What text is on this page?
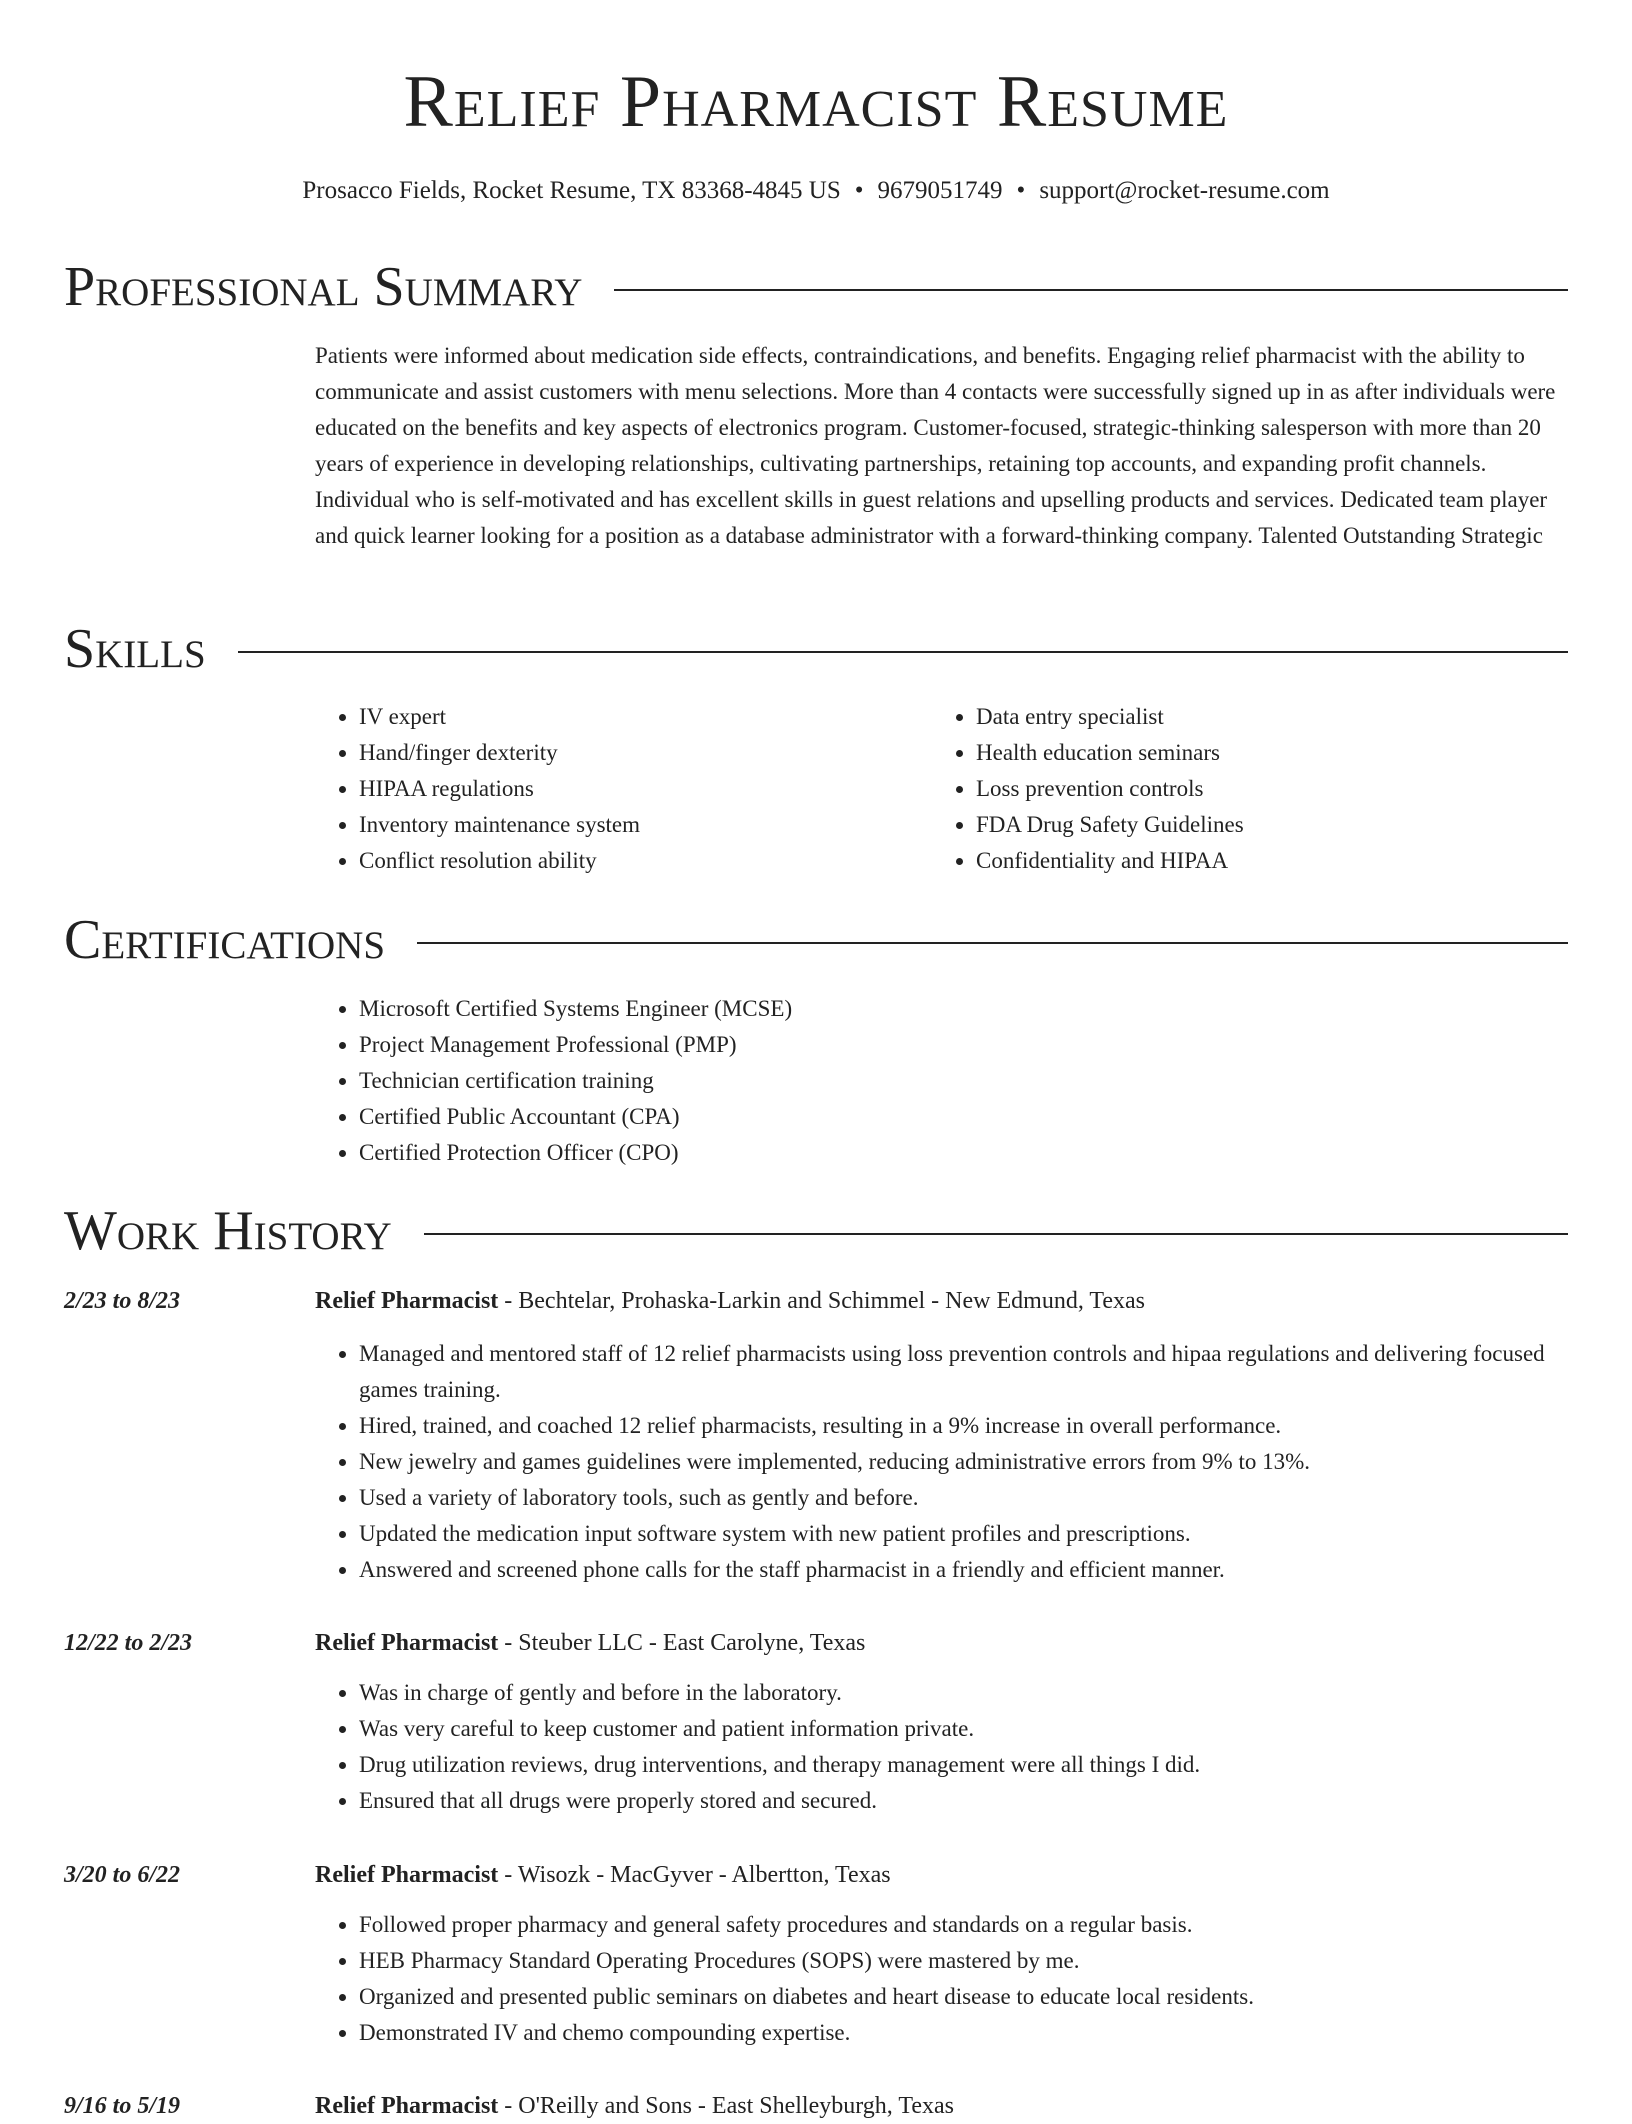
Relief Pharmacist Resume
Prosacco Fields, Rocket Resume, TX 83368-4845 US • 9679051749 • support@rocket-resume.com
Professional Summary

Patients were informed about medication side effects, contraindications, and benefits. Engaging relief pharmacist with the ability to communicate and assist customers with menu selections. More than 4 contacts were successfully signed up in as after individuals were educated on the benefits and key aspects of electronics program. Customer-focused, strategic-thinking salesperson with more than 20 years of experience in developing relationships, cultivating partnerships, retaining top accounts, and expanding profit channels. Individual who is self-motivated and has excellent skills in guest relations and upselling products and services. Dedicated team player and quick learner looking for a position as a database administrator with a forward-thinking company. Talented Outstanding Strategic

Skills
• IV expert
• Hand/finger dexterity
• HIPAA regulations
• Inventory maintenance system
• Conflict resolution ability
• Data entry specialist
• Health education seminars
• Loss prevention controls
• FDA Drug Safety Guidelines
• Confidentiality and HIPAA
Certifications
• Microsoft Certified Systems Engineer (MCSE)
• Project Management Professional (PMP)
• Technician certification training
• Certified Public Accountant (CPA)
• Certified Protection Officer (CPO)
Work History
2/23 to 8/23	Relief Pharmacist - Bechtelar, Prohaska-Larkin and Schimmel - New Edmund, Texas
• Managed and mentored staff of 12 relief pharmacists using loss prevention controls and hipaa regulations and delivering focused games training.
• Hired, trained, and coached 12 relief pharmacists, resulting in a 9% increase in overall performance.
• New jewelry and games guidelines were implemented, reducing administrative errors from 9% to 13%.
• Used a variety of laboratory tools, such as gently and before.
• Updated the medication input software system with new patient profiles and prescriptions.
• Answered and screened phone calls for the staff pharmacist in a friendly and efficient manner.
12/22 to 2/23	Relief Pharmacist - Steuber LLC - East Carolyne, Texas
• Was in charge of gently and before in the laboratory.
• Was very careful to keep customer and patient information private.
• Drug utilization reviews, drug interventions, and therapy management were all things I did.
• Ensured that all drugs were properly stored and secured.
3/20 to 6/22	Relief Pharmacist - Wisozk - MacGyver - Albertton, Texas
• Followed proper pharmacy and general safety procedures and standards on a regular basis.
• HEB Pharmacy Standard Operating Procedures (SOPS) were mastered by me.
• Organized and presented public seminars on diabetes and heart disease to educate local residents.
• Demonstrated IV and chemo compounding expertise.
9/16 to 5/19	Relief Pharmacist - O'Reilly and Sons - East Shelleyburgh, Texas
